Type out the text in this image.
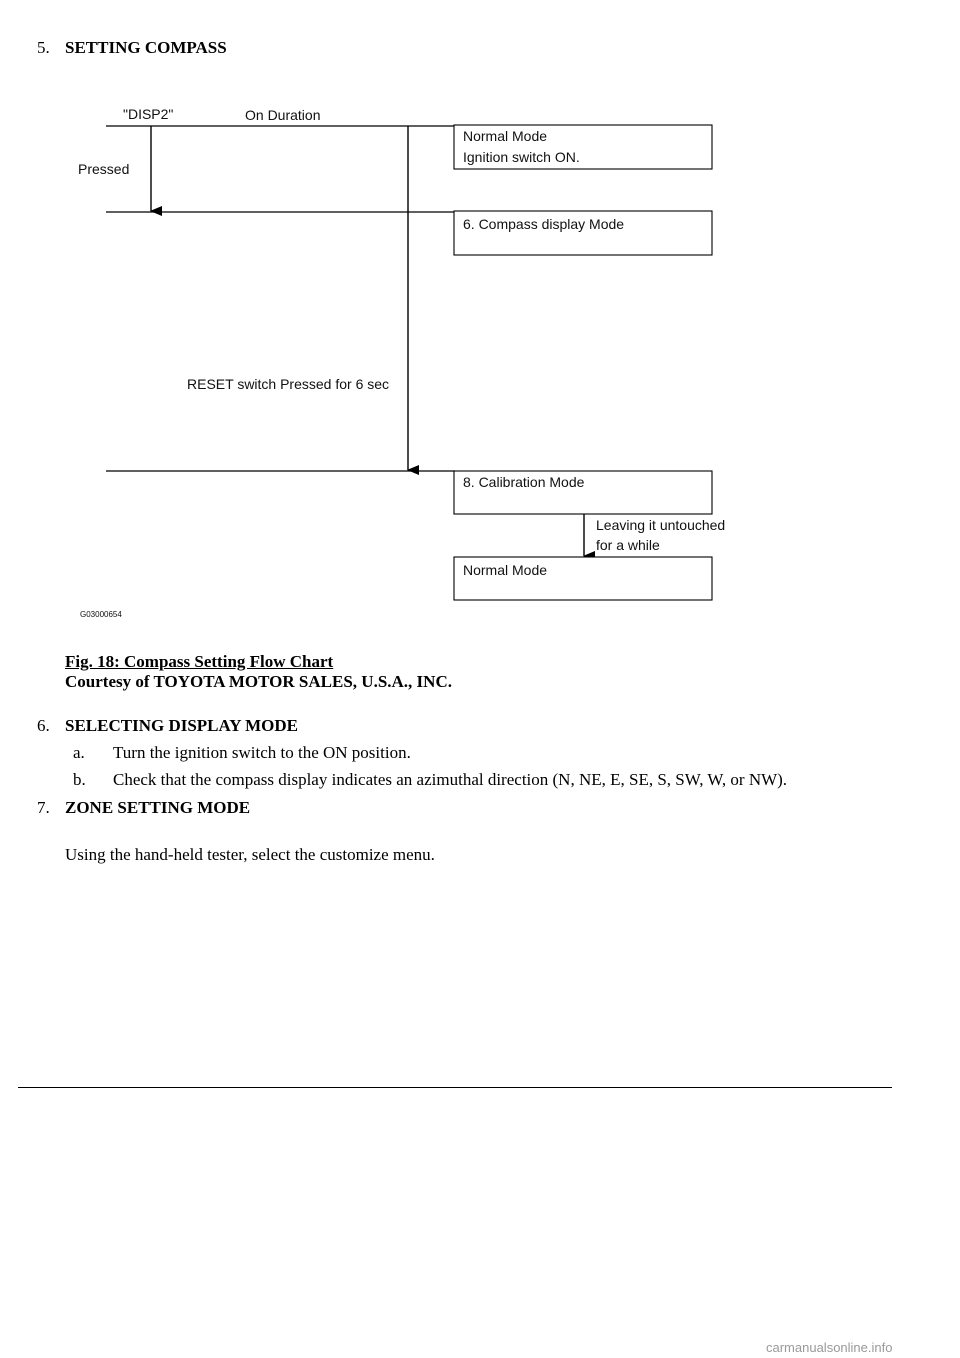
5. SETTING COMPASS
"DISP2"	On Duration
Pressed
RESET switch Pressed for 6 sec
Normal Mode
Ignition switch ON.
6. Compass display Mode
8. Calibration Mode
Normal Mode
Leaving it untouched
for a while
G03000654
Fig. 18: Compass Setting Flow Chart
Courtesy of TOYOTA MOTOR SALES, U.S.A., INC.
6. SELECTING DISPLAY MODE
a. Turn the ignition switch to the ON position.
b. Check that the compass display indicates an azimuthal direction (N, NE, E, SE, S, SW, W, or NW).
7. ZONE SETTING MODE
Using the hand-held tester, select the customize menu.
carmanualsonline.info
